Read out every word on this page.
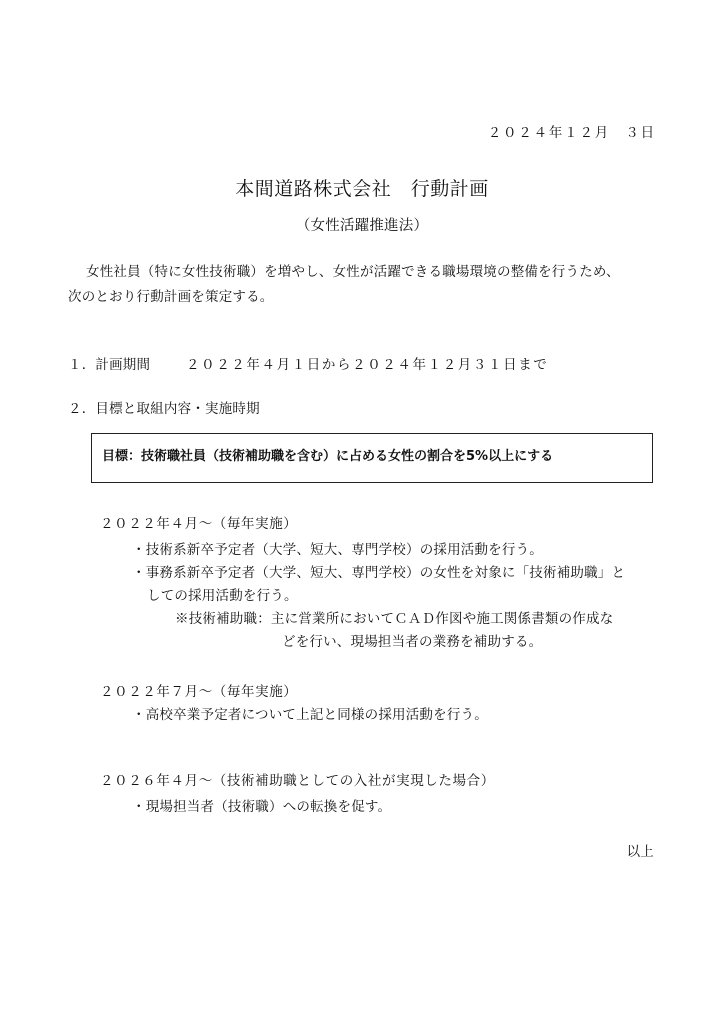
２０２４年１２月　３日
本間道路株式会社　行動計画
（女性活躍推進法）
女性社員（特に女性技術職）を増やし、女性が活躍できる職場環境の整備を行うため、
次のとおり行動計画を策定する。
１．計画期間	２０２２年４月１日から２０２４年１２月３１日まで
２．目標と取組内容・実施時期
目標：技術職社員（技術補助職を含む）に占める女性の割合を5%以上にする
２０２２年４月～（毎年実施）
・技術系新卒予定者（大学、短大、専門学校）の採用活動を行う。
・事務系新卒予定者（大学、短大、専門学校）の女性を対象に「技術補助職」と
しての採用活動を行う。
※技術補助職：主に営業所においてＣＡＤ作図や施工関係書類の作成な
どを行い、現場担当者の業務を補助する。
２０２２年７月～（毎年実施）
・高校卒業予定者について上記と同様の採用活動を行う。
２０２６年４月～（技術補助職としての入社が実現した場合）
・現場担当者（技術職）への転換を促す。
以上
